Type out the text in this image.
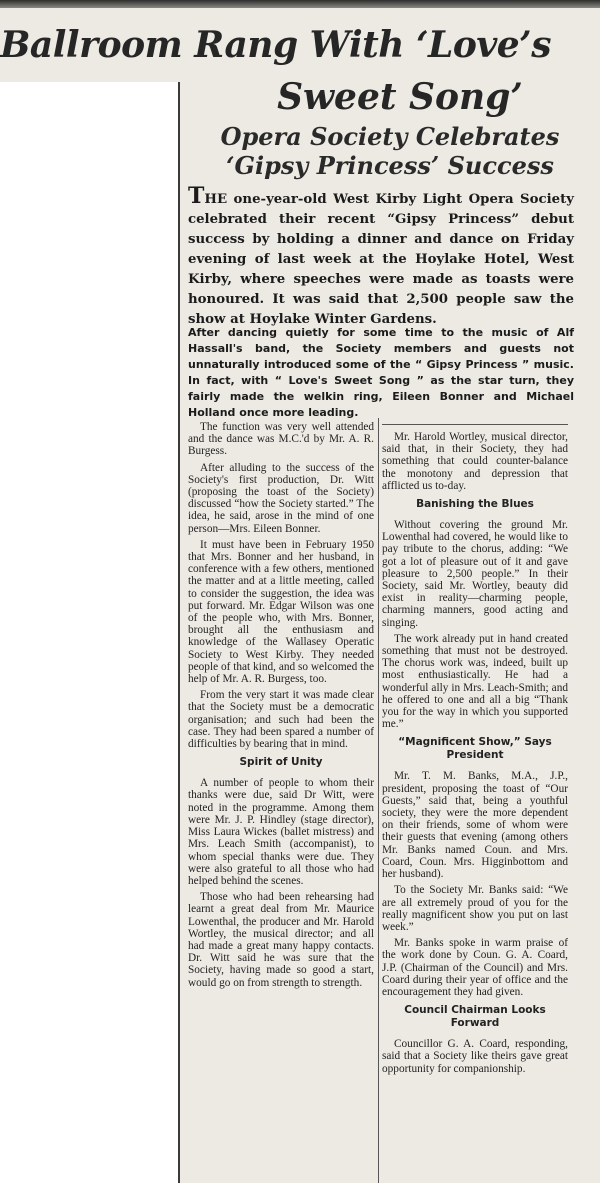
Ballroom Rang With ‘Love’s
Sweet Song’
Opera Society Celebrates
‘Gipsy Princess’ Success
THE one-year-old West Kirby Light Opera Society celebrated their recent “Gipsy Princess” debut success by holding a dinner and dance on Friday evening of last week at the Hoylake Hotel, West Kirby, where speeches were made as toasts were honoured. It was said that 2,500 people saw the show at Hoylake Winter Gardens.
After dancing quietly for some time to the music of Alf Hassall's band, the Society members and guests not unnaturally introduced some of the “ Gipsy Princess ” music. In fact, with “ Love's Sweet Song ” as the star turn, they fairly made the welkin ring, Eileen Bonner and Michael Holland once more leading.

The function was very well attended and the dance was M.C.'d by Mr. A. R. Burgess.

After alluding to the success of the Society's first production, Dr. Witt (proposing the toast of the Society) discussed “how the Society started.” The idea, he said, arose in the mind of one person—Mrs. Eileen Bonner.

It must have been in February 1950 that Mrs. Bonner and her husband, in conference with a few others, mentioned the matter and at a little meeting, called to consider the suggestion, the idea was put forward. Mr. Edgar Wilson was one of the people who, with Mrs. Bonner, brought all the enthusiasm and knowledge of the Wallasey Operatic Society to West Kirby. They needed people of that kind, and so welcomed the help of Mr. A. R. Burgess, too.

From the very start it was made clear that the Society must be a democratic organisation; and such had been the case. They had been spared a number of difficulties by bearing that in mind.

Spirit of Unity

A number of people to whom their thanks were due, said Dr Witt, were noted in the programme. Among them were Mr. J. P. Hindley (stage director), Miss Laura Wickes (ballet mistress) and Mrs. Leach Smith (accompanist), to whom special thanks were due. They were also grateful to all those who had helped behind the scenes.

Those who had been rehearsing had learnt a great deal from Mr. Maurice Lowenthal, the producer and Mr. Harold Wortley, the musical director; and all had made a great many happy contacts. Dr. Witt said he was sure that the Society, having made so good a start, would go on from strength to strength.

Mr. Harold Wortley, musical director, said that, in their Society, they had something that could counter-balance the monotony and depression that afflicted us to-day.

Banishing the Blues

Without covering the ground Mr. Lowenthal had covered, he would like to pay tribute to the chorus, adding: “We got a lot of pleasure out of it and gave pleasure to 2,500 people.” In their Society, said Mr. Wortley, beauty did exist in reality—charming people, charming manners, good acting and singing.

The work already put in hand created something that must not be destroyed. The chorus work was, indeed, built up most enthusiastically. He had a wonderful ally in Mrs. Leach-Smith; and he offered to one and all a big “Thank you for the way in which you supported me.”

“Magnificent Show,” Says President

Mr. T. M. Banks, M.A., J.P., president, proposing the toast of “Our Guests,” said that, being a youthful society, they were the more dependent on their friends, some of whom were their guests that evening (among others Mr. Banks named Coun. and Mrs. Coard, Coun. Mrs. Higginbottom and her husband).

To the Society Mr. Banks said: “We are all extremely proud of you for the really magnificent show you put on last week.”

Mr. Banks spoke in warm praise of the work done by Coun. G. A. Coard, J.P. (Chairman of the Council) and Mrs. Coard during their year of office and the encouragement they had given.

Council Chairman Looks Forward

Councillor G. A. Coard, responding, said that a Society like theirs gave great opportunity for companionship.
